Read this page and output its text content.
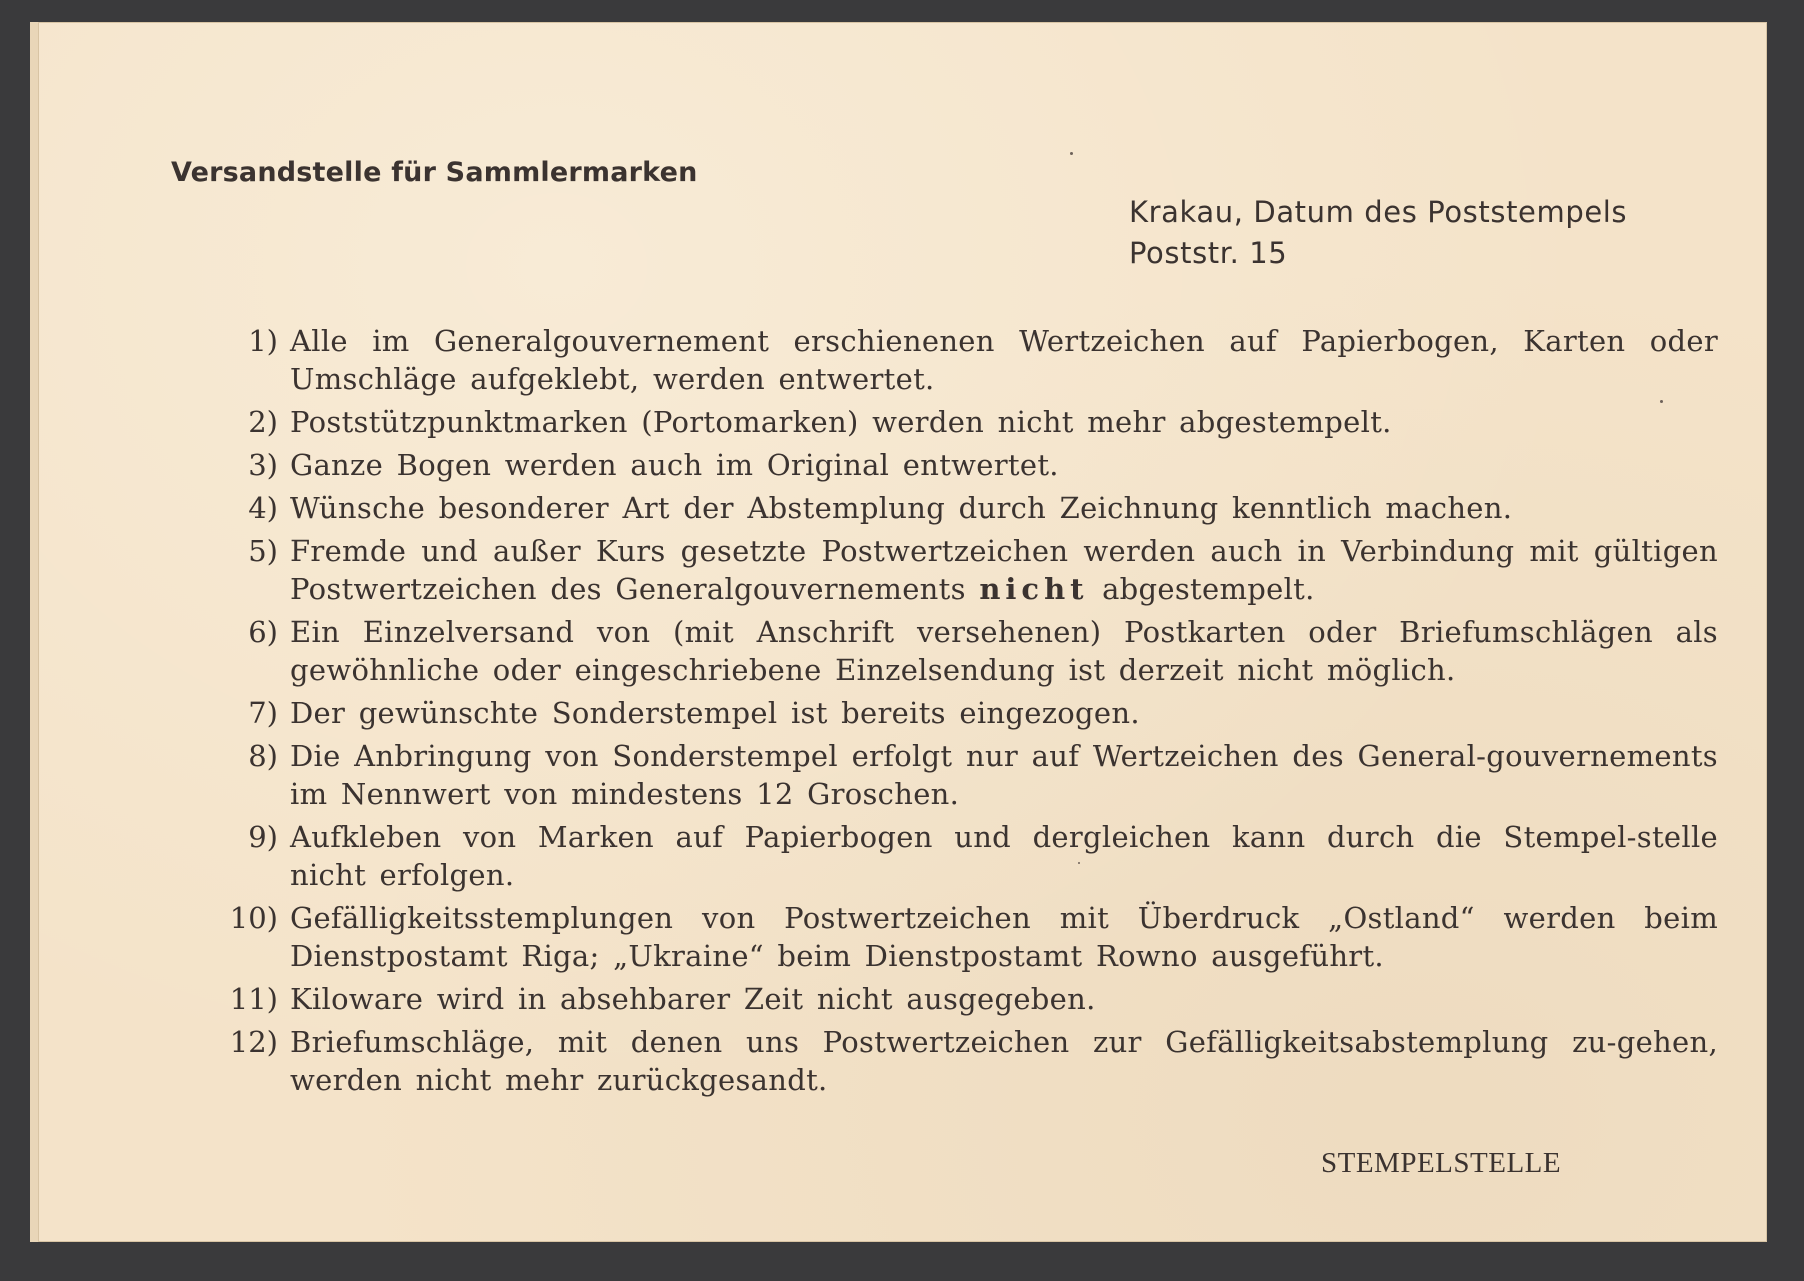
Versandstelle für Sammlermarken
Krakau, Datum des Poststempels
Poststr. 15
1) Alle im Generalgouvernement erschienenen Wertzeichen auf Papierbogen, Karten oder Umschläge aufgeklebt, werden entwertet.
2) Poststützpunktmarken (Portomarken) werden nicht mehr abgestempelt.
3) Ganze Bogen werden auch im Original entwertet.
4) Wünsche besonderer Art der Abstemplung durch Zeichnung kenntlich machen.
5) Fremde und außer Kurs gesetzte Postwertzeichen werden auch in Verbindung mit gültigen Postwertzeichen des Generalgouvernements nicht abgestempelt.
6) Ein Einzelversand von (mit Anschrift versehenen) Postkarten oder Briefumschlägen als gewöhnliche oder eingeschriebene Einzelsendung ist derzeit nicht möglich.
7) Der gewünschte Sonderstempel ist bereits eingezogen.
8) Die Anbringung von Sonderstempel erfolgt nur auf Wertzeichen des General-gouvernements im Nennwert von mindestens 12 Groschen.
9) Aufkleben von Marken auf Papierbogen und dergleichen kann durch die Stempel-stelle nicht erfolgen.
10) Gefälligkeitsstemplungen von Postwertzeichen mit Überdruck „Ostland“ werden beim Dienstpostamt Riga; „Ukraine“ beim Dienstpostamt Rowno ausgeführt.
11) Kiloware wird in absehbarer Zeit nicht ausgegeben.
12) Briefumschläge, mit denen uns Postwertzeichen zur Gefälligkeitsabstemplung zu-gehen, werden nicht mehr zurückgesandt.
STEMPELSTELLE
